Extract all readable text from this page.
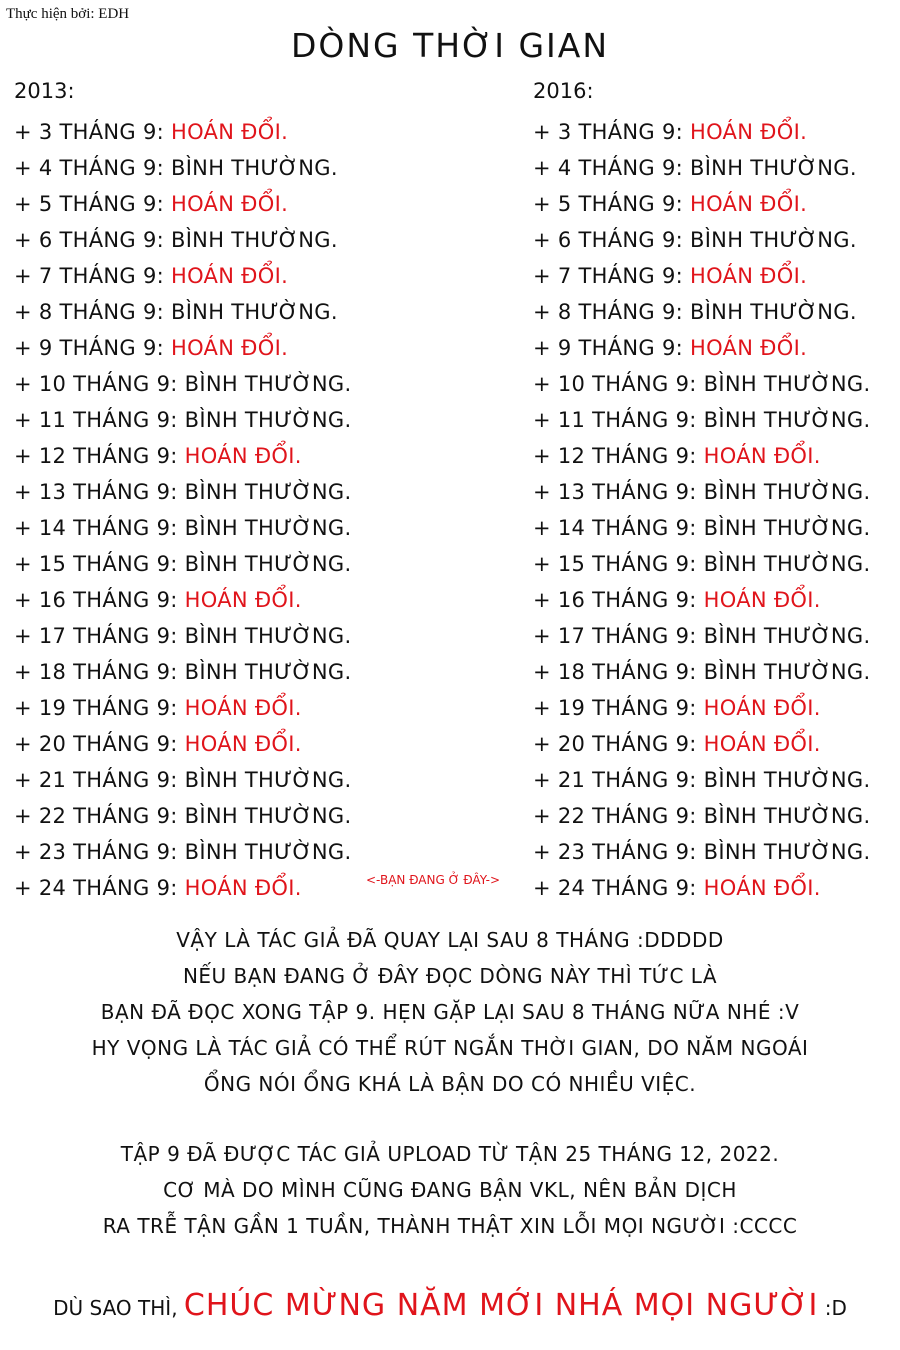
Thực hiện bởi: EDH
DÒNG THỜI GIAN
2013:
+ 3 THÁNG 9: HOÁN ĐỔI.
+ 4 THÁNG 9: BÌNH THƯỜNG.
+ 5 THÁNG 9: HOÁN ĐỔI.
+ 6 THÁNG 9: BÌNH THƯỜNG.
+ 7 THÁNG 9: HOÁN ĐỔI.
+ 8 THÁNG 9: BÌNH THƯỜNG.
+ 9 THÁNG 9: HOÁN ĐỔI.
+ 10 THÁNG 9: BÌNH THƯỜNG.
+ 11 THÁNG 9: BÌNH THƯỜNG.
+ 12 THÁNG 9: HOÁN ĐỔI.
+ 13 THÁNG 9: BÌNH THƯỜNG.
+ 14 THÁNG 9: BÌNH THƯỜNG.
+ 15 THÁNG 9: BÌNH THƯỜNG.
+ 16 THÁNG 9: HOÁN ĐỔI.
+ 17 THÁNG 9: BÌNH THƯỜNG.
+ 18 THÁNG 9: BÌNH THƯỜNG.
+ 19 THÁNG 9: HOÁN ĐỔI.
+ 20 THÁNG 9: HOÁN ĐỔI.
+ 21 THÁNG 9: BÌNH THƯỜNG.
+ 22 THÁNG 9: BÌNH THƯỜNG.
+ 23 THÁNG 9: BÌNH THƯỜNG.
+ 24 THÁNG 9: HOÁN ĐỔI.
2016:
+ 3 THÁNG 9: HOÁN ĐỔI.
+ 4 THÁNG 9: BÌNH THƯỜNG.
+ 5 THÁNG 9: HOÁN ĐỔI.
+ 6 THÁNG 9: BÌNH THƯỜNG.
+ 7 THÁNG 9: HOÁN ĐỔI.
+ 8 THÁNG 9: BÌNH THƯỜNG.
+ 9 THÁNG 9: HOÁN ĐỔI.
+ 10 THÁNG 9: BÌNH THƯỜNG.
+ 11 THÁNG 9: BÌNH THƯỜNG.
+ 12 THÁNG 9: HOÁN ĐỔI.
+ 13 THÁNG 9: BÌNH THƯỜNG.
+ 14 THÁNG 9: BÌNH THƯỜNG.
+ 15 THÁNG 9: BÌNH THƯỜNG.
+ 16 THÁNG 9: HOÁN ĐỔI.
+ 17 THÁNG 9: BÌNH THƯỜNG.
+ 18 THÁNG 9: BÌNH THƯỜNG.
+ 19 THÁNG 9: HOÁN ĐỔI.
+ 20 THÁNG 9: HOÁN ĐỔI.
+ 21 THÁNG 9: BÌNH THƯỜNG.
+ 22 THÁNG 9: BÌNH THƯỜNG.
+ 23 THÁNG 9: BÌNH THƯỜNG.
+ 24 THÁNG 9: HOÁN ĐỔI.
<-BẠN ĐANG Ở ĐÂY->
VẬY LÀ TÁC GIẢ ĐÃ QUAY LẠI SAU 8 THÁNG :DDDDD
NẾU BẠN ĐANG Ở ĐÂY ĐỌC DÒNG NÀY THÌ TỨC LÀ
BẠN ĐÃ ĐỌC XONG TẬP 9. HẸN GẶP LẠI SAU 8 THÁNG NỮA NHÉ :V
HY VỌNG LÀ TÁC GIẢ CÓ THỂ RÚT NGẮN THỜI GIAN, DO NĂM NGOÁI
ỔNG NÓI ỔNG KHÁ LÀ BẬN DO CÓ NHIỀU VIỆC.
TẬP 9 ĐÃ ĐƯỢC TÁC GIẢ UPLOAD TỪ TẬN 25 THÁNG 12, 2022.
CƠ MÀ DO MÌNH CŨNG ĐANG BẬN VKL, NÊN BẢN DỊCH
RA TRỄ TẬN GẦN 1 TUẦN, THÀNH THẬT XIN LỖI MỌI NGƯỜI :CCCC
DÙ SAO THÌ, CHÚC MỪNG NĂM MỚI NHÁ MỌI NGƯỜI :D
